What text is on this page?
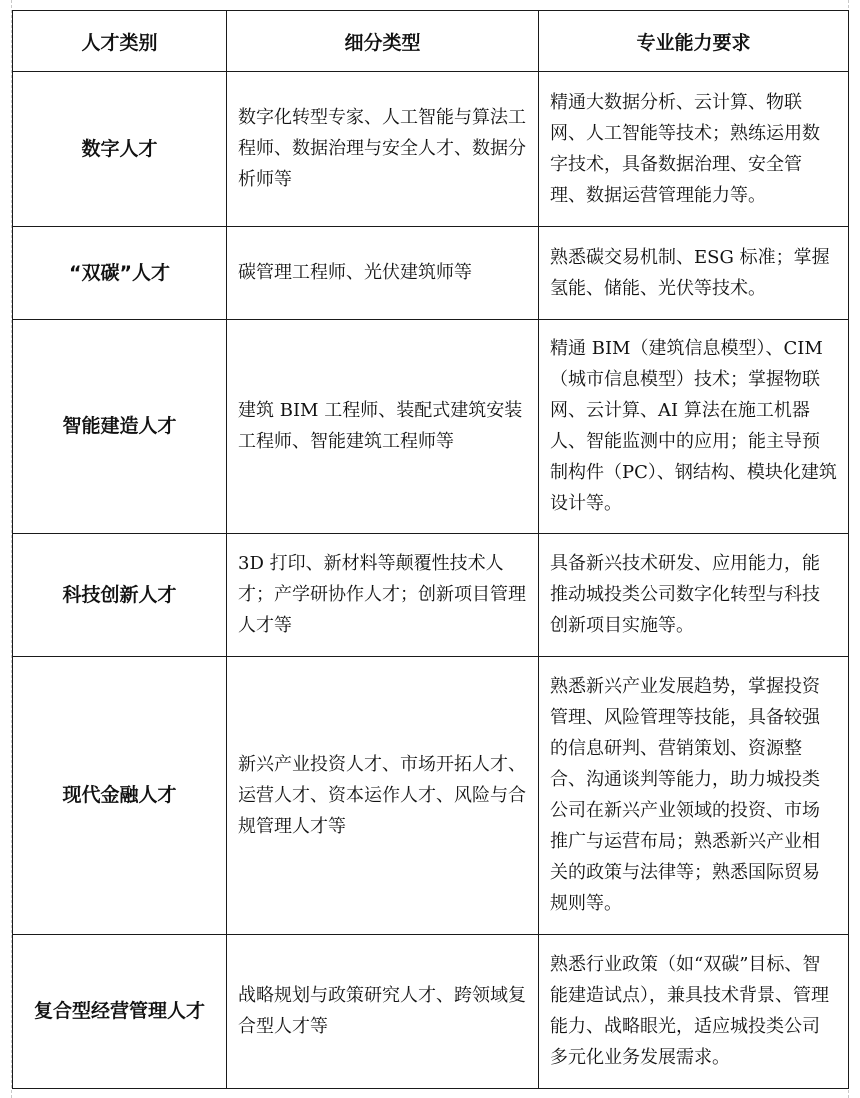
人才类别	细分类型	专业能力要求
数字人才	数字化转型专家、人工智能与算法工程师、数据治理与安全人才、数据分析师等	精通大数据分析、云计算、物联网、人工智能等技术；熟练运用数字技术，具备数据治理、安全管理、数据运营管理能力等。
“双碳”人才	碳管理工程师、光伏建筑师等	熟悉碳交易机制、ESG 标准；掌握氢能、储能、光伏等技术。
智能建造人才	建筑 BIM 工程师、装配式建筑安装工程师、智能建筑工程师等	精通 BIM（建筑信息模型）、CIM（城市信息模型）技术；掌握物联网、云计算、AI 算法在施工机器人、智能监测中的应用；能主导预制构件（PC）、钢结构、模块化建筑设计等。
科技创新人才	3D 打印、新材料等颠覆性技术人才；产学研协作人才；创新项目管理人才等	具备新兴技术研发、应用能力，能推动城投类公司数字化转型与科技创新项目实施等。
现代金融人才	新兴产业投资人才、市场开拓人才、运营人才、资本运作人才、风险与合规管理人才等	熟悉新兴产业发展趋势，掌握投资管理、风险管理等技能，具备较强的信息研判、营销策划、资源整合、沟通谈判等能力，助力城投类公司在新兴产业领域的投资、市场推广与运营布局；熟悉新兴产业相关的政策与法律等；熟悉国际贸易规则等。
复合型经营管理人才	战略规划与政策研究人才、跨领域复合型人才等	熟悉行业政策（如“双碳”目标、智能建造试点），兼具技术背景、管理能力、战略眼光，适应城投类公司多元化业务发展需求。
